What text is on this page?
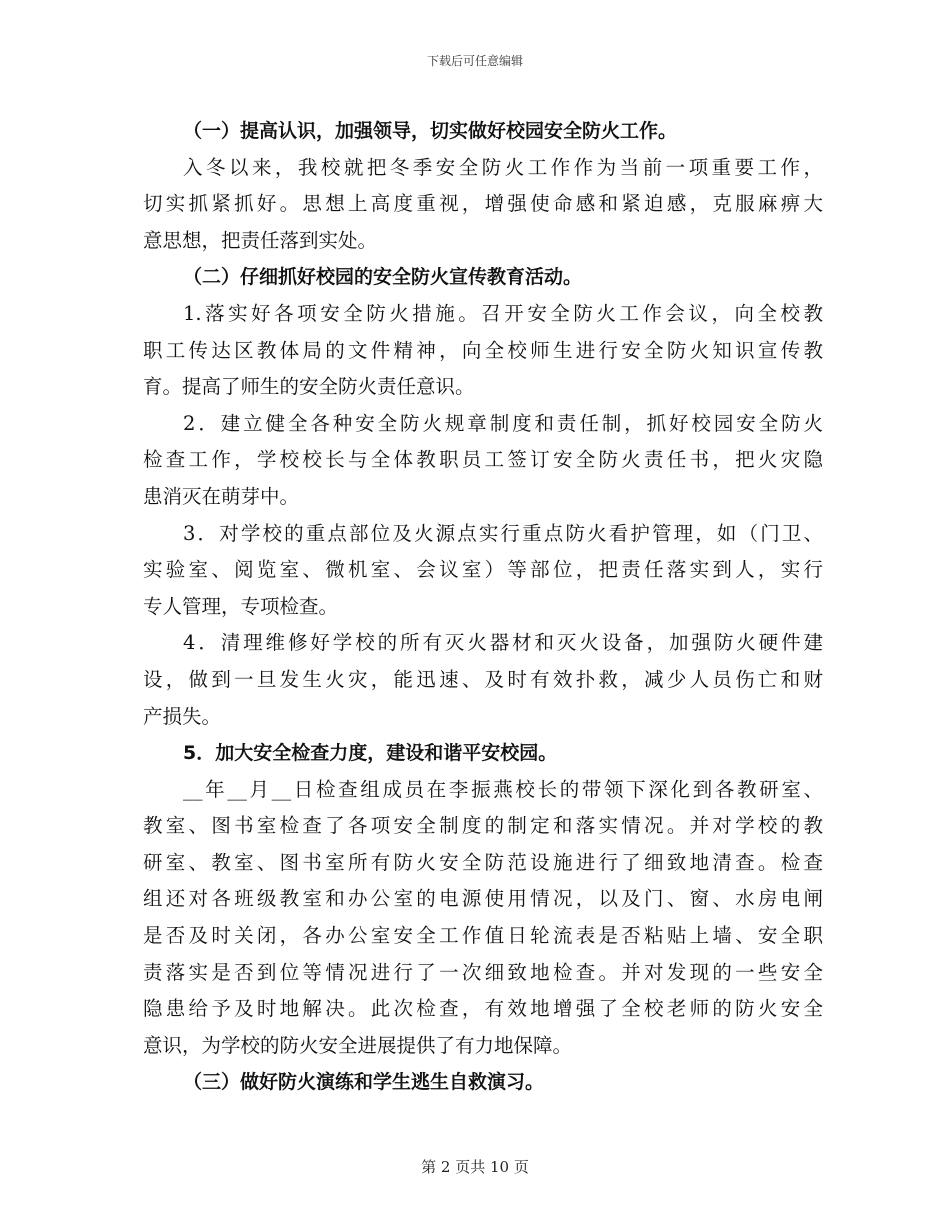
下载后可任意编辑
（一）提高认识，加强领导，切实做好校园安全防火工作。
入冬以来，我校就把冬季安全防火工作作为当前一项重要工作，
切实抓紧抓好。思想上高度重视，增强使命感和紧迫感，克服麻痹大
意思想，把责任落到实处。
（二）仔细抓好校园的安全防火宣传教育活动。
1.落实好各项安全防火措施。召开安全防火工作会议，向全校教
职工传达区教体局的文件精神，向全校师生进行安全防火知识宣传教
育。提高了师生的安全防火责任意识。
2．建立健全各种安全防火规章制度和责任制，抓好校园安全防火
检查工作，学校校长与全体教职员工签订安全防火责任书，把火灾隐
患消灭在萌芽中。
3．对学校的重点部位及火源点实行重点防火看护管理，如（门卫、
实验室、阅览室、微机室、会议室）等部位，把责任落实到人，实行
专人管理，专项检查。
4．清理维修好学校的所有灭火器材和灭火设备，加强防火硬件建
设，做到一旦发生火灾，能迅速、及时有效扑救，减少人员伤亡和财
产损失。
5．加大安全检查力度，建设和谐平安校园。
__年__月__日检查组成员在李振燕校长的带领下深化到各教研室、
教室、图书室检查了各项安全制度的制定和落实情况。并对学校的教
研室、教室、图书室所有防火安全防范设施进行了细致地清查。检查
组还对各班级教室和办公室的电源使用情况，以及门、窗、水房电闸
是否及时关闭，各办公室安全工作值日轮流表是否粘贴上墙、安全职
责落实是否到位等情况进行了一次细致地检查。并对发现的一些安全
隐患给予及时地解决。此次检查，有效地增强了全校老师的防火安全
意识，为学校的防火安全进展提供了有力地保障。
（三）做好防火演练和学生逃生自救演习。
第 2 页共 10 页
